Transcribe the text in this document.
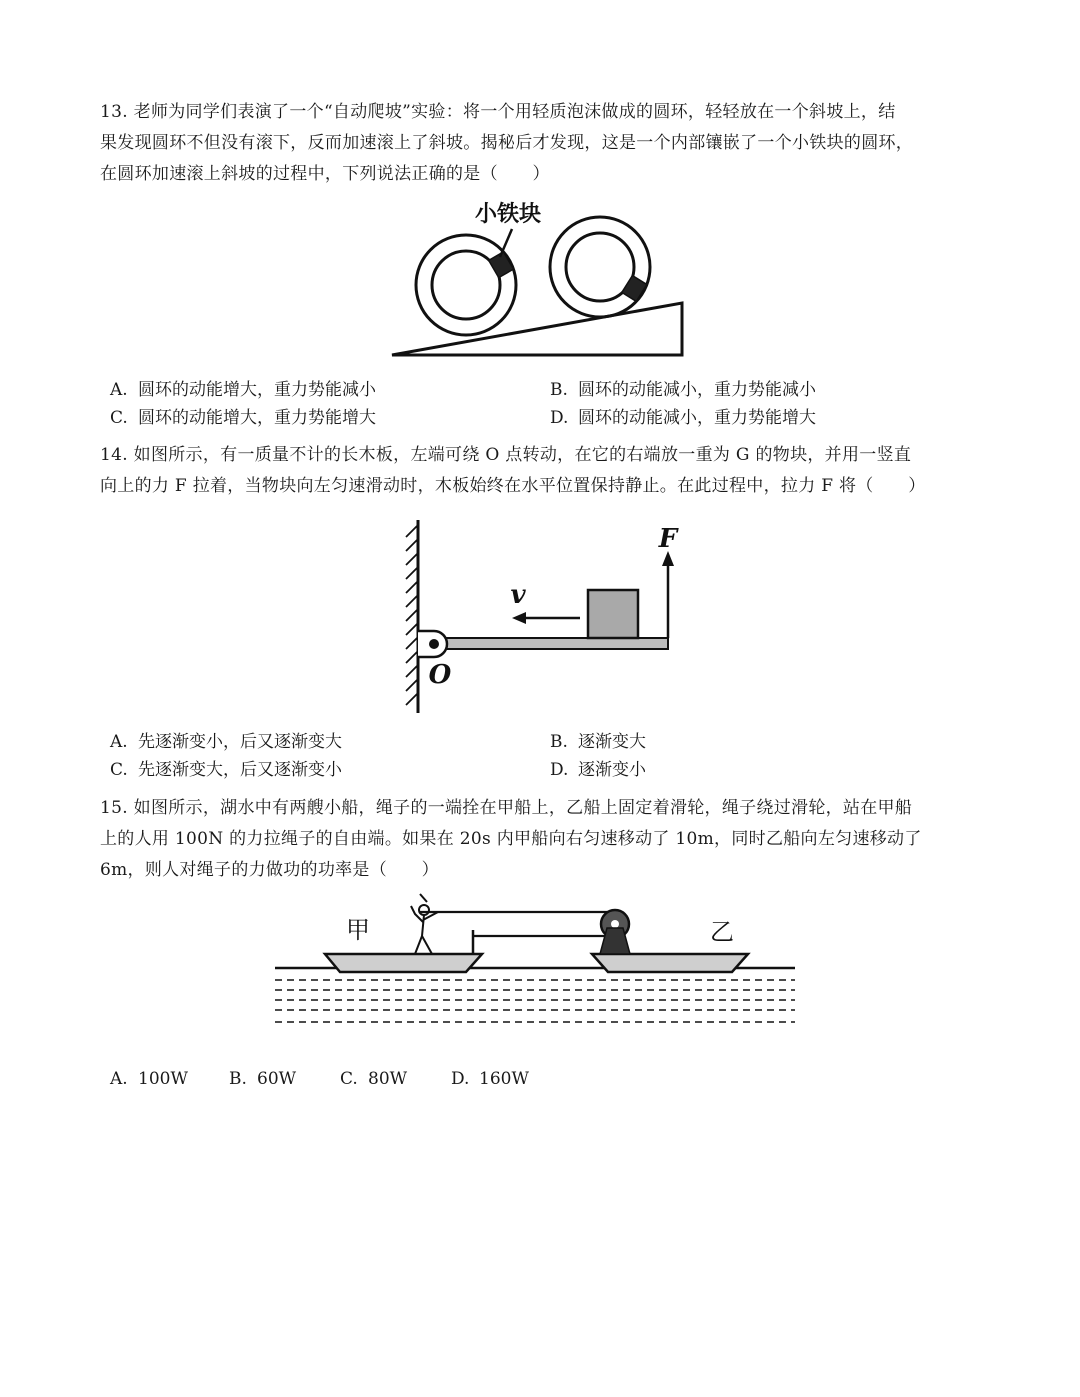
13. 老师为同学们表演了一个“自动爬坡”实验：将一个用轻质泡沫做成的圆环，轻轻放在一个斜坡上，结
果发现圆环不但没有滚下，反而加速滚上了斜坡。揭秘后才发现，这是一个内部镶嵌了一个小铁块的圆环，
在圆环加速滚上斜坡的过程中，下列说法正确的是（　　）
小铁块
A. 圆环的动能增大，重力势能减小	B. 圆环的动能减小，重力势能减小
C. 圆环的动能增大，重力势能增大	D. 圆环的动能减小，重力势能增大
14. 如图所示，有一质量不计的长木板，左端可绕 O 点转动，在它的右端放一重为 G 的物块，并用一竖直
向上的力 F 拉着，当物块向左匀速滑动时，木板始终在水平位置保持静止。在此过程中，拉力 F 将（　　）
F
v
O
A. 先逐渐变小，后又逐渐变大	B. 逐渐变大
C. 先逐渐变大，后又逐渐变小	D. 逐渐变小
15. 如图所示，湖水中有两艘小船，绳子的一端拴在甲船上，乙船上固定着滑轮，绳子绕过滑轮，站在甲船
上的人用 100N 的力拉绳子的自由端。如果在 20s 内甲船向右匀速移动了 10m，同时乙船向左匀速移动了
6m，则人对绳子的力做功的功率是（　　）
甲	乙
A. 100W B. 60W	C. 80W	D. 160W
